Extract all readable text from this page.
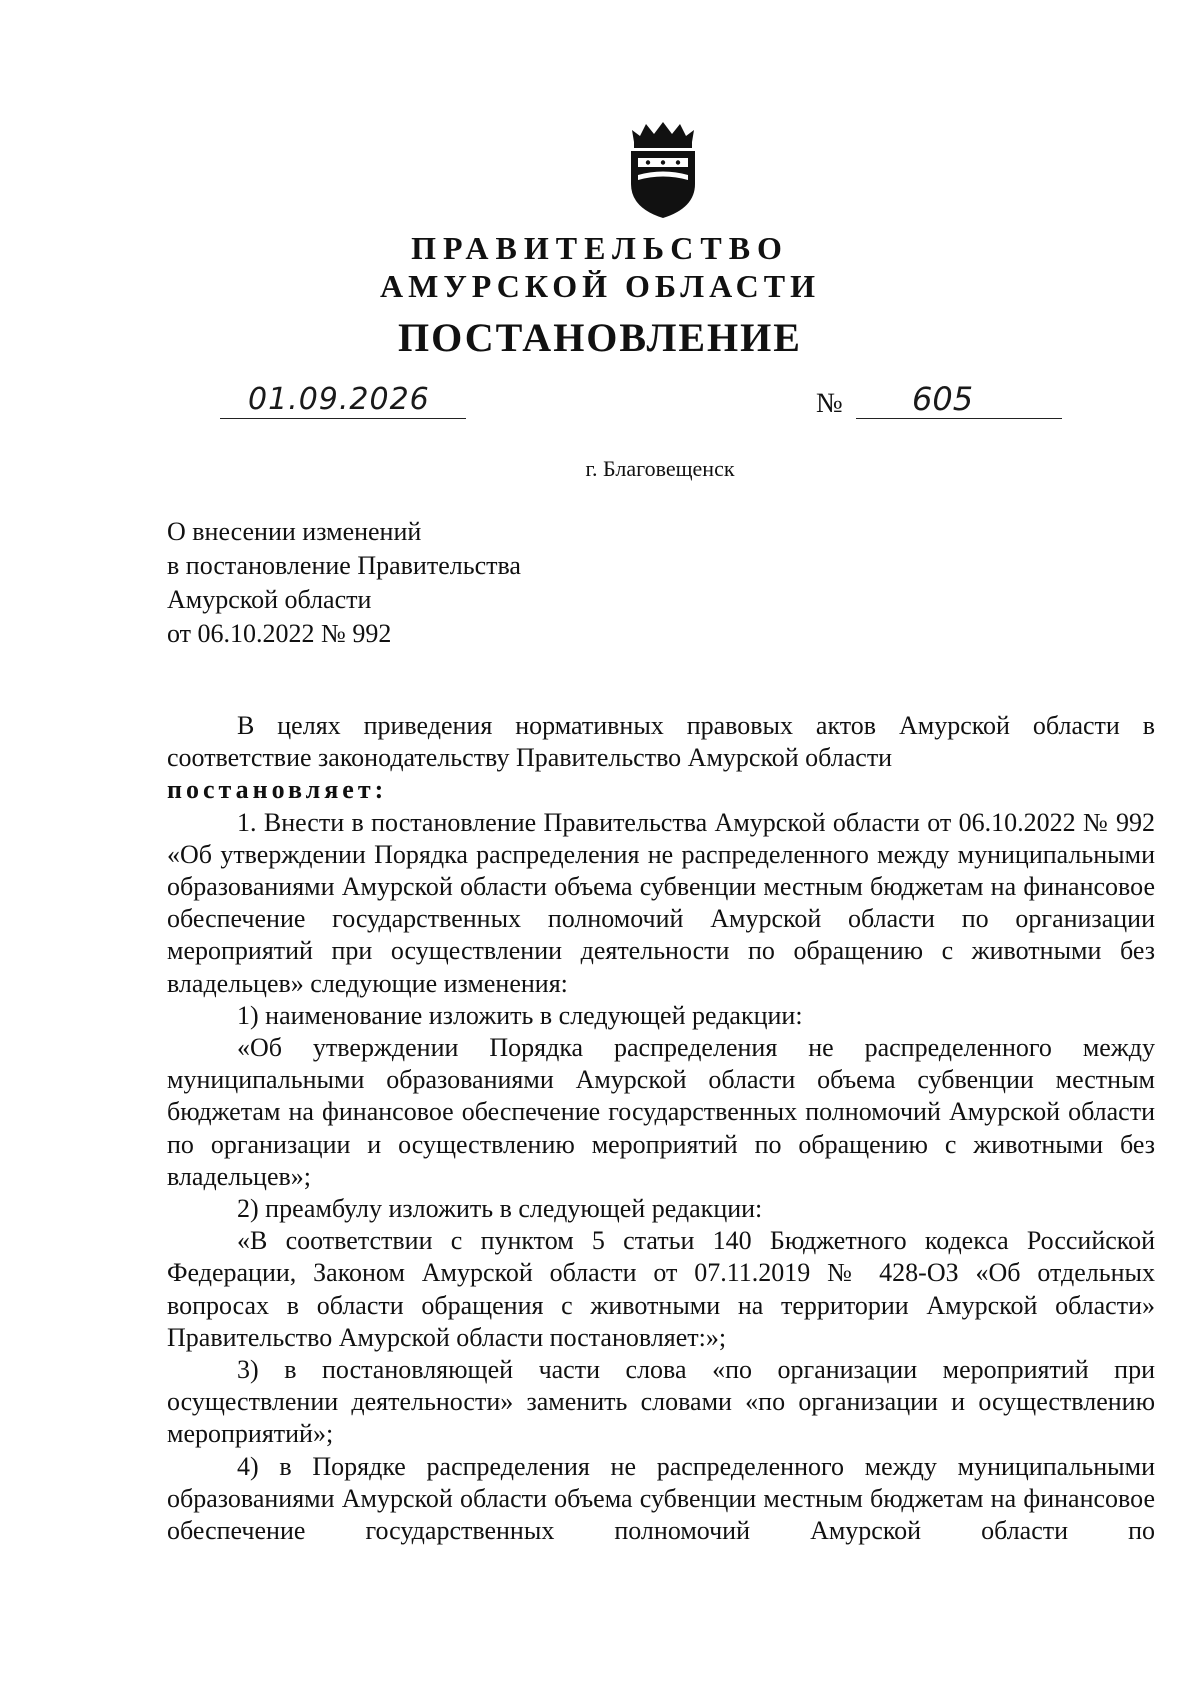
ПРАВИТЕЛЬСТВО
АМУРСКОЙ ОБЛАСТИ
ПОСТАНОВЛЕНИЕ
01.09.2026	№ 605
г. Благовещенск
О внесении изменений
в постановление Правительства
Амурской области
от 06.10.2022 № 992

В целях приведения нормативных правовых актов Амурской области в соответствие законодательству Правительство Амурской области

постановляет:

1. Внести в постановление Правительства Амурской области от 06.10.2022 № 992 «Об утверждении Порядка распределения не распределенного между муниципальными образованиями Амурской области объема субвенции местным бюджетам на финансовое обеспечение государственных полномочий Амурской области по организации мероприятий при осуществлении деятельности по обращению с животными без владельцев» следующие изменения:

1) наименование изложить в следующей редакции:

«Об утверждении Порядка распределения не распределенного между муниципальными образованиями Амурской области объема субвенции местным бюджетам на финансовое обеспечение государственных полномочий Амурской области по организации и осуществлению мероприятий по обращению с животными без владельцев»;

2) преамбулу изложить в следующей редакции:

«В соответствии с пунктом 5 статьи 140 Бюджетного кодекса Российской Федерации, Законом Амурской области от 07.11.2019 № 428-ОЗ «Об отдельных вопросах в области обращения с животными на территории Амурской области» Правительство Амурской области постановляет:»;

3) в постановляющей части слова «по организации мероприятий при осуществлении деятельности» заменить словами «по организации и осуществлению мероприятий»;

4) в Порядке распределения не распределенного между муниципальными образованиями Амурской области объема субвенции местным бюджетам на финансовое обеспечение государственных полномочий Амурской области по
